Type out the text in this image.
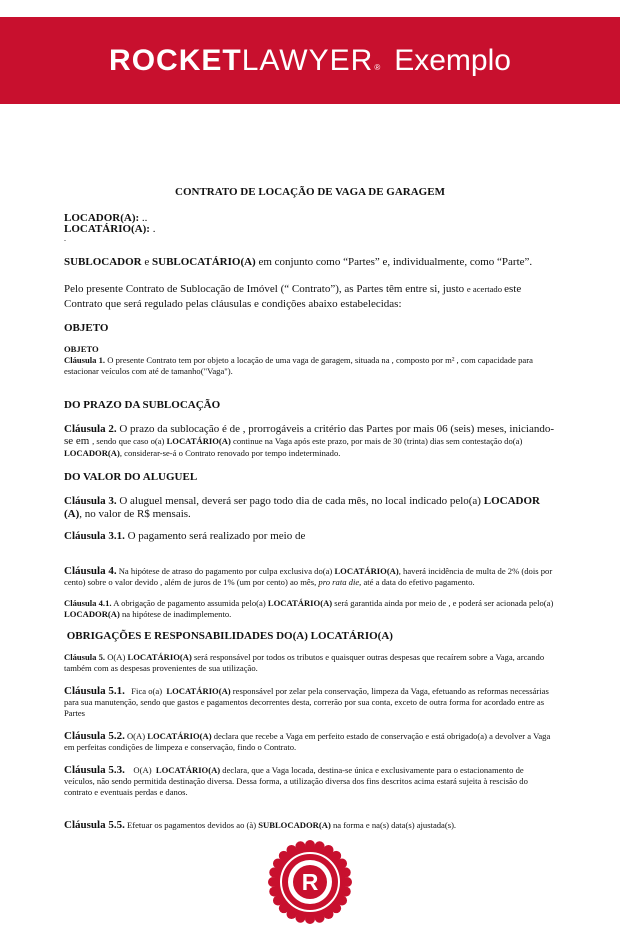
ROCKET LAWYER ® Exemplo
CONTRATO DE LOCAÇÃO DE VAGA DE GARAGEM
LOCADOR(A): ..
LOCATÁRIO(A): .
.

SUBLOCADOR e SUBLOCATÁRIO(A) em conjunto como “Partes” e, individualmente, como “Parte”.

Pelo presente Contrato de Sublocação de Imóvel (“ Contrato”), as Partes têm entre si, justo e acertado este Contrato que será regulado pelas cláusulas e condições abaixo estabelecidas:

OBJETO

OBJETO

Cláusula 1. O presente Contrato tem por objeto a locação de uma vaga de garagem, situada na , composto por m² , com capacidade para estacionar veículos com até de tamanho("Vaga").

DO PRAZO DA SUBLOCAÇÃO

Cláusula 2. O prazo da sublocação é de , prorrogáveis a critério das Partes por mais 06 (seis) meses, iniciando-se em , sendo que caso o(a) LOCATÁRIO(A) continue na Vaga após este prazo, por mais de 30 (trinta) dias sem contestação do(a) LOCADOR(A), considerar-se-á o Contrato renovado por tempo indeterminado.

DO VALOR DO ALUGUEL

Cláusula 3. O aluguel mensal, deverá ser pago todo dia de cada mês, no local indicado pelo(a) LOCADOR (A), no valor de R$ mensais.

Cláusula 3.1. O pagamento será realizado por meio de

Cláusula 4. Na hipótese de atraso do pagamento por culpa exclusiva do(a) LOCATÁRIO(A), haverá incidência de multa de 2% (dois por cento) sobre o valor devido , além de juros de 1% (um por cento) ao mês, pro rata die, até a data do efetivo pagamento.

Cláusula 4.1. A obrigação de pagamento assumida pelo(a) LOCATÁRIO(A) será garantida ainda por meio de , e poderá ser acionada pelo(a) LOCADOR(A) na hipótese de inadimplemento.

OBRIGAÇÕES E RESPONSABILIDADES DO(A) LOCATÁRIO(A)

Cláusula 5. O(A) LOCATÁRIO(A) será responsável por todos os tributos e quaisquer outras despesas que recaírem sobre a Vaga, arcando também com as despesas provenientes de sua utilização.

Cláusula 5.1.   Fica o(a)  LOCATÁRIO(A) responsável por zelar pela conservação, limpeza da Vaga, efetuando as reformas necessárias para sua manutenção, sendo que gastos e pagamentos decorrentes desta, correrão por sua conta, exceto de outra forma for acordado entre as Partes

Cláusula 5.2. O(A) LOCATÁRIO(A) declara que recebe a Vaga em perfeito estado de conservação e está obrigado(a) a devolver a Vaga em perfeitas condições de limpeza e conservação, findo o Contrato.

Cláusula 5.3.    O(A)  LOCATÁRIO(A) declara, que a Vaga locada, destina-se única e exclusivamente para o estacionamento de veículos, não sendo permitida destinação diversa. Dessa forma, a utilização diversa dos fins descritos acima estará sujeita à rescisão do contrato e eventuais perdas e danos.

Cláusula 5.5. Efetuar os pagamentos devidos ao (à) SUBLOCADOR(A) na forma e na(s) data(s) ajustada(s).
R
